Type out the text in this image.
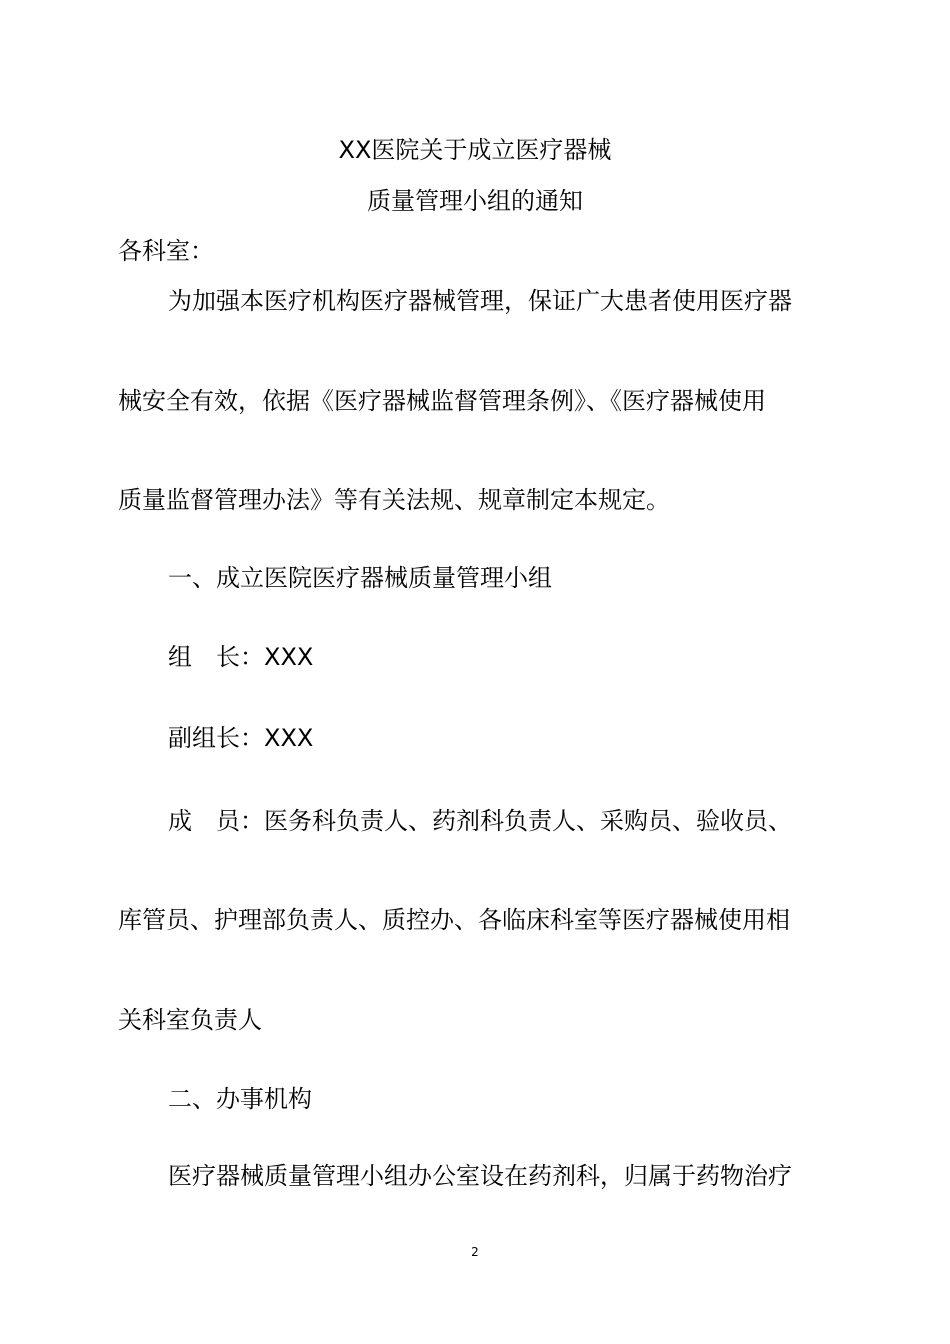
XX医院关于成立医疗器械
质量管理小组的通知
各科室：
为加强本医疗机构医疗器械管理，保证广大患者使用医疗器
械安全有效，依据《医疗器械监督管理条例》、《医疗器械使用
质量监督管理办法》等有关法规、规章制定本规定。
一、成立医院医疗器械质量管理小组
组　长：XXX
副组长：XXX
成　员：医务科负责人、药剂科负责人、采购员、验收员、
库管员、护理部负责人、质控办、各临床科室等医疗器械使用相
关科室负责人
二、办事机构
医疗器械质量管理小组办公室设在药剂科，归属于药物治疗
2
